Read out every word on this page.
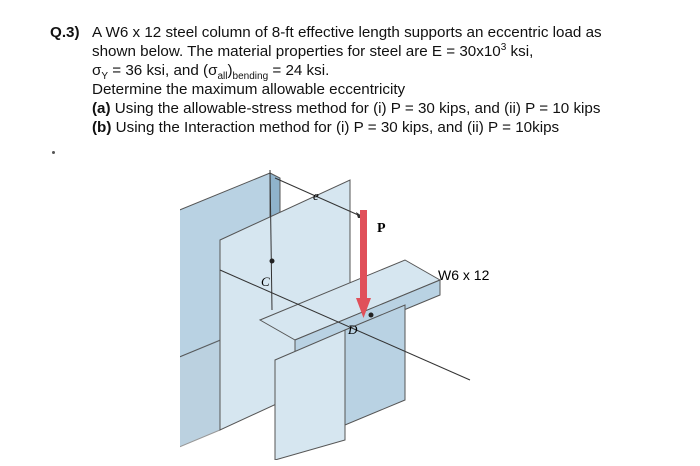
Q.3) A W6 x 12 steel column of 8-ft effective length supports an eccentric load as
shown below. The material properties for steel are $E = 30x10^3$ ksi,
$\sigma_Y = 36$ ksi, and $(\sigma_{all})_{bending} = 24$ ksi.
Determine the maximum allowable eccentricity
(a) Using the allowable-stress method for (i) P = 30 kips, and (ii) P = 10 kips
(b) Using the Interaction method for (i) P = 30 kips, and (ii) P = 10kips
e
P
C
D
W6 x 12
